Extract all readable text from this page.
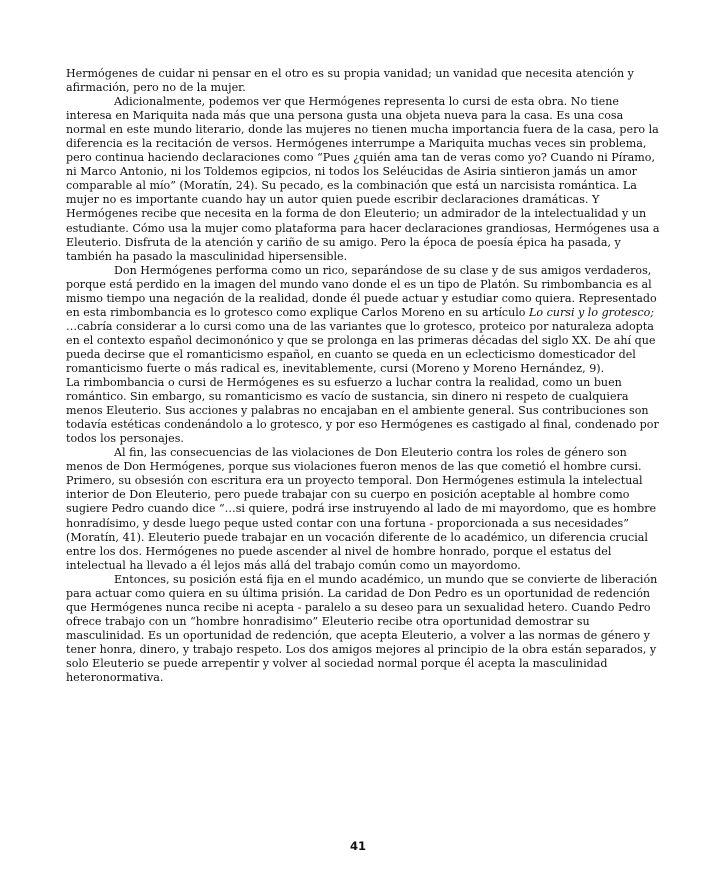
Hermógenes de cuidar ni pensar en el otro es su propia vanidad; un vanidad que necesita atención y afirmación, pero no de la mujer.

Adicionalmente, podemos ver que Hermógenes representa lo cursi de esta obra. No tiene interesa en Mariquita nada más que una persona gusta una objeta nueva para la casa. Es una cosa normal en este mundo literario, donde las mujeres no tienen mucha importancia fuera de la casa, pero la diferencia es la recitación de versos. Hermógenes interrumpe a Mariquita muchas veces sin problema, pero continua haciendo declaraciones como “Pues ¿quién ama tan de veras como yo? Cuando ni Píramo, ni Marco Antonio, ni los Toldemos egipcios, ni todos los Seléucidas de Asiria sintieron jamás un amor comparable al mío” (Moratín, 24). Su pecado, es la combinación que está un narcisista romántica. La mujer no es importante cuando hay un autor quien puede escribir declaraciones dramáticas. Y Hermógenes recibe que necesita en la forma de don Eleuterio; un admirador de la intelectualidad y un estudiante. Cómo usa la mujer como plataforma para hacer declaraciones grandiosas, Hermógenes usa a Eleuterio. Disfruta de la atención y cariño de su amigo. Pero la época de poesía épica ha pasada, y también ha pasado la masculinidad hipersensible.

Don Hermógenes performa como un rico, separándose de su clase y de sus amigos verdaderos, porque está perdido en la imagen del mundo vano donde el es un tipo de Platón. Su rimbombancia es al mismo tiempo una negación de la realidad, donde él puede actuar y estudiar como quiera. Representado en esta rimbombancia es lo grotesco como explique Carlos Moreno en su artículo Lo cursi y lo grotesco;

…cabría considerar a lo cursi como una de las variantes que lo grotesco, proteico por naturaleza adopta en el contexto español decimonónico y que se prolonga en las primeras décadas del siglo XX. De ahí que pueda decirse que el romanticismo español, en cuanto se queda en un eclecticismo domesticador del romanticismo fuerte o más radical es, inevitablemente, cursi (Moreno y Moreno Hernández, 9).

La rimbombancia o cursi de Hermógenes es su esfuerzo a luchar contra la realidad, como un buen romántico. Sin embargo, su romanticismo es vacío de sustancia, sin dinero ni respeto de cualquiera menos Eleuterio. Sus acciones y palabras no encajaban en el ambiente general. Sus contribuciones son todavía estéticas condenándolo a lo grotesco, y por eso Hermógenes es castigado al final, condenado por todos los personajes.

Al fin, las consecuencias de las violaciones de Don Eleuterio contra los roles de género son menos de Don Hermógenes, porque sus violaciones fueron menos de las que cometió el hombre cursi. Primero, su obsesión con escritura era un proyecto temporal. Don Hermógenes estimula la intelectual interior de Don Eleuterio, pero puede trabajar con su cuerpo en posición aceptable al hombre como sugiere Pedro cuando dice “…si quiere, podrá irse instruyendo al lado de mi mayordomo, que es hombre honradísimo, y desde luego peque usted contar con una fortuna - proporcionada a sus necesidades” (Moratín, 41). Eleuterio puede trabajar en un vocación diferente de lo académico, un diferencia crucial entre los dos. Hermógenes no puede ascender al nivel de hombre honrado, porque el estatus del intelectual ha llevado a él lejos más allá del trabajo común como un mayordomo.

Entonces, su posición está fija en el mundo académico, un mundo que se convierte de liberación para actuar como quiera en su última prisión. La caridad de Don Pedro es un oportunidad de redención que Hermógenes nunca recibe ni acepta - paralelo a su deseo para un sexualidad hetero. Cuando Pedro ofrece trabajo con un “hombre honradisimo” Eleuterio recibe otra oportunidad demostrar su masculinidad. Es un oportunidad de redención, que acepta Eleuterio, a volver a las normas de género y tener honra, dinero, y trabajo respeto. Los dos amigos mejores al principio de la obra están separados, y solo Eleuterio se puede arrepentir y volver al sociedad normal porque él acepta la masculinidad heteronormativa.

41
